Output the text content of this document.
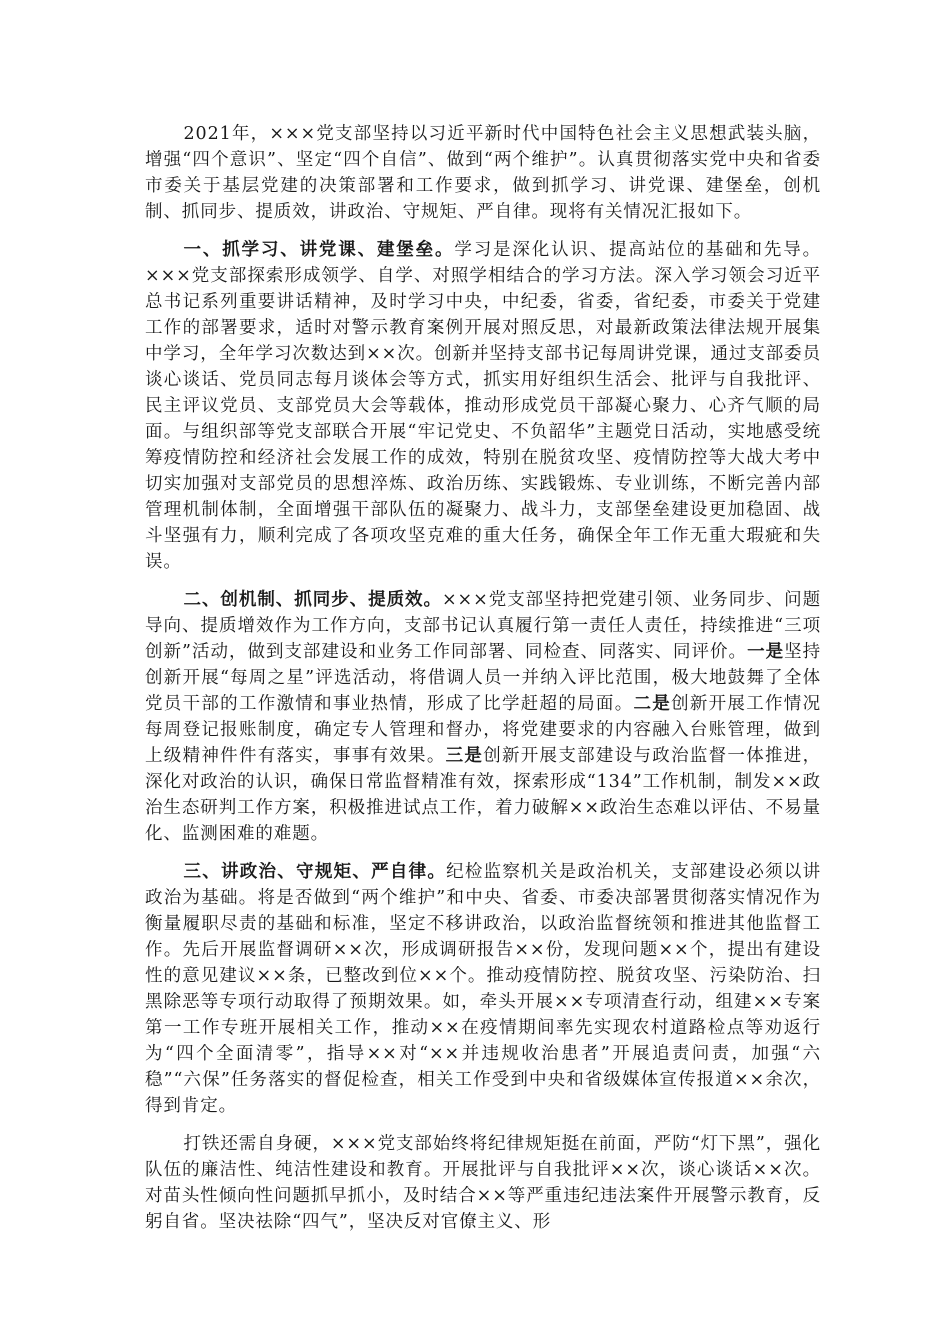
2021年，×××党支部坚持以习近平新时代中国特色社会主义思想武装头脑，增强“四个意识”、坚定“四个自信”、做到“两个维护”。认真贯彻落实党中央和省委市委关于基层党建的决策部署和工作要求，做到抓学习、讲党课、建堡垒，创机制、抓同步、提质效，讲政治、守规矩、严自律。现将有关情况汇报如下。

一、抓学习、讲党课、建堡垒。学习是深化认识、提高站位的基础和先导。×××党支部探索形成领学、自学、对照学相结合的学习方法。深入学习领会习近平总书记系列重要讲话精神，及时学习中央，中纪委，省委，省纪委，市委关于党建工作的部署要求，适时对警示教育案例开展对照反思，对最新政策法律法规开展集中学习，全年学习次数达到××次。创新并坚持支部书记每周讲党课，通过支部委员谈心谈话、党员同志每月谈体会等方式，抓实用好组织生活会、批评与自我批评、民主评议党员、支部党员大会等载体，推动形成党员干部凝心聚力、心齐气顺的局面。与组织部等党支部联合开展“牢记党史、不负韶华”主题党日活动，实地感受统筹疫情防控和经济社会发展工作的成效，特别在脱贫攻坚、疫情防控等大战大考中切实加强对支部党员的思想淬炼、政治历练、实践锻炼、专业训练，不断完善内部管理机制体制，全面增强干部队伍的凝聚力、战斗力，支部堡垒建设更加稳固、战斗坚强有力，顺利完成了各项攻坚克难的重大任务，确保全年工作无重大瑕疵和失误。

二、创机制、抓同步、提质效。×××党支部坚持把党建引领、业务同步、问题导向、提质增效作为工作方向，支部书记认真履行第一责任人责任，持续推进“三项创新”活动，做到支部建设和业务工作同部署、同检查、同落实、同评价。一是坚持创新开展“每周之星”评选活动，将借调人员一并纳入评比范围，极大地鼓舞了全体党员干部的工作激情和事业热情，形成了比学赶超的局面。二是创新开展工作情况每周登记报账制度，确定专人管理和督办，将党建要求的内容融入台账管理，做到上级精神件件有落实，事事有效果。三是创新开展支部建设与政治监督一体推进，深化对政治的认识，确保日常监督精准有效，探索形成“134”工作机制，制发××政治生态研判工作方案，积极推进试点工作，着力破解××政治生态难以评估、不易量化、监测困难的难题。

三、讲政治、守规矩、严自律。纪检监察机关是政治机关，支部建设必须以讲政治为基础。将是否做到“两个维护”和中央、省委、市委决部署贯彻落实情况作为衡量履职尽责的基础和标准，坚定不移讲政治，以政治监督统领和推进其他监督工作。先后开展监督调研××次，形成调研报告××份，发现问题××个，提出有建设性的意见建议××条，已整改到位××个。推动疫情防控、脱贫攻坚、污染防治、扫黑除恶等专项行动取得了预期效果。如，牵头开展××专项清查行动，组建××专案第一工作专班开展相关工作，推动××在疫情期间率先实现农村道路检点等劝返行为“四个全面清零”，指导××对“××并违规收治患者”开展追责问责，加强“六稳”“六保”任务落实的督促检查，相关工作受到中央和省级媒体宣传报道××余次，得到肯定。

打铁还需自身硬，×××党支部始终将纪律规矩挺在前面，严防“灯下黑”，强化队伍的廉洁性、纯洁性建设和教育。开展批评与自我批评××次，谈心谈话××次。对苗头性倾向性问题抓早抓小，及时结合××等严重违纪违法案件开展警示教育，反躬自省。坚决祛除“四气”，坚决反对官僚主义、形
